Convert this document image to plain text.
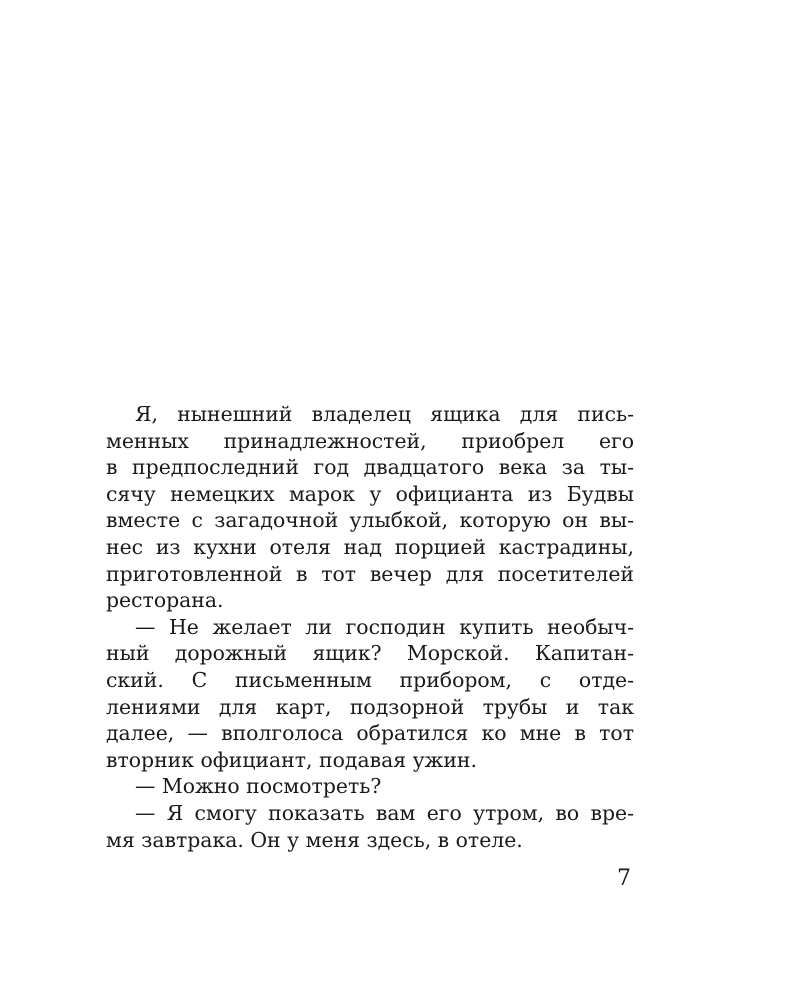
Я, нынешний владелец ящика для пись-
менных принадлежностей, приобрел его
в предпоследний год двадцатого века за ты-
сячу немецких марок у официанта из Будвы
вместе с загадочной улыбкой, которую он вы-
нес из кухни отеля над порцией кастрадины,
приготовленной в тот вечер для посетителей
ресторана.
— Не желает ли господин купить необыч-
ный дорожный ящик? Морской. Капитан-
ский. С письменным прибором, с отде-
лениями для карт, подзорной трубы и так
далее, — вполголоса обратился ко мне в тот
вторник официант, подавая ужин.
— Можно посмотреть?
— Я смогу показать вам его утром, во вре-
мя завтрака. Он у меня здесь, в отеле.
7
